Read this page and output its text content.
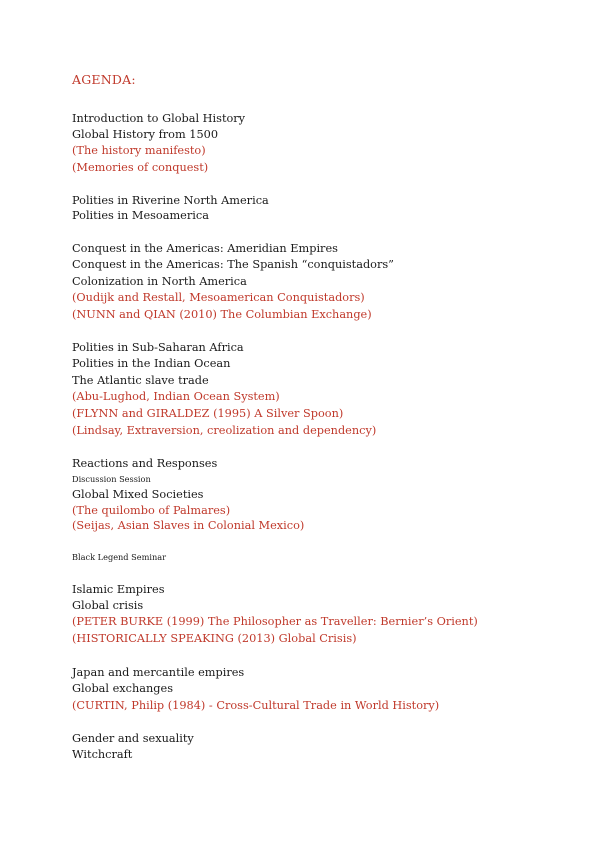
AGENDA:
Introduction to Global History
Global History from 1500
(The history manifesto)
(Memories of conquest)
Polities in Riverine North America
Polities in Mesoamerica
Conquest in the Americas: Ameridian Empires
Conquest in the Americas: The Spanish “conquistadors”
Colonization in North America
(Oudijk and Restall, Mesoamerican Conquistadors)
(NUNN and QIAN (2010) The Columbian Exchange)
Polities in Sub-Saharan Africa
Polities in the Indian Ocean
The Atlantic slave trade
(Abu-Lughod, Indian Ocean System)
(FLYNN and GIRALDEZ (1995) A Silver Spoon)
(Lindsay, Extraversion, creolization and dependency)
Reactions and Responses
Discussion Session
Global Mixed Societies
(The quilombo of Palmares)
(Seijas, Asian Slaves in Colonial Mexico)
Black Legend Seminar
Islamic Empires
Global crisis
(PETER BURKE (1999) The Philosopher as Traveller: Bernier’s Orient)
(HISTORICALLY SPEAKING (2013) Global Crisis)
Japan and mercantile empires
Global exchanges
(CURTIN, Philip (1984) - Cross-Cultural Trade in World History)
Gender and sexuality
Witchcraft
